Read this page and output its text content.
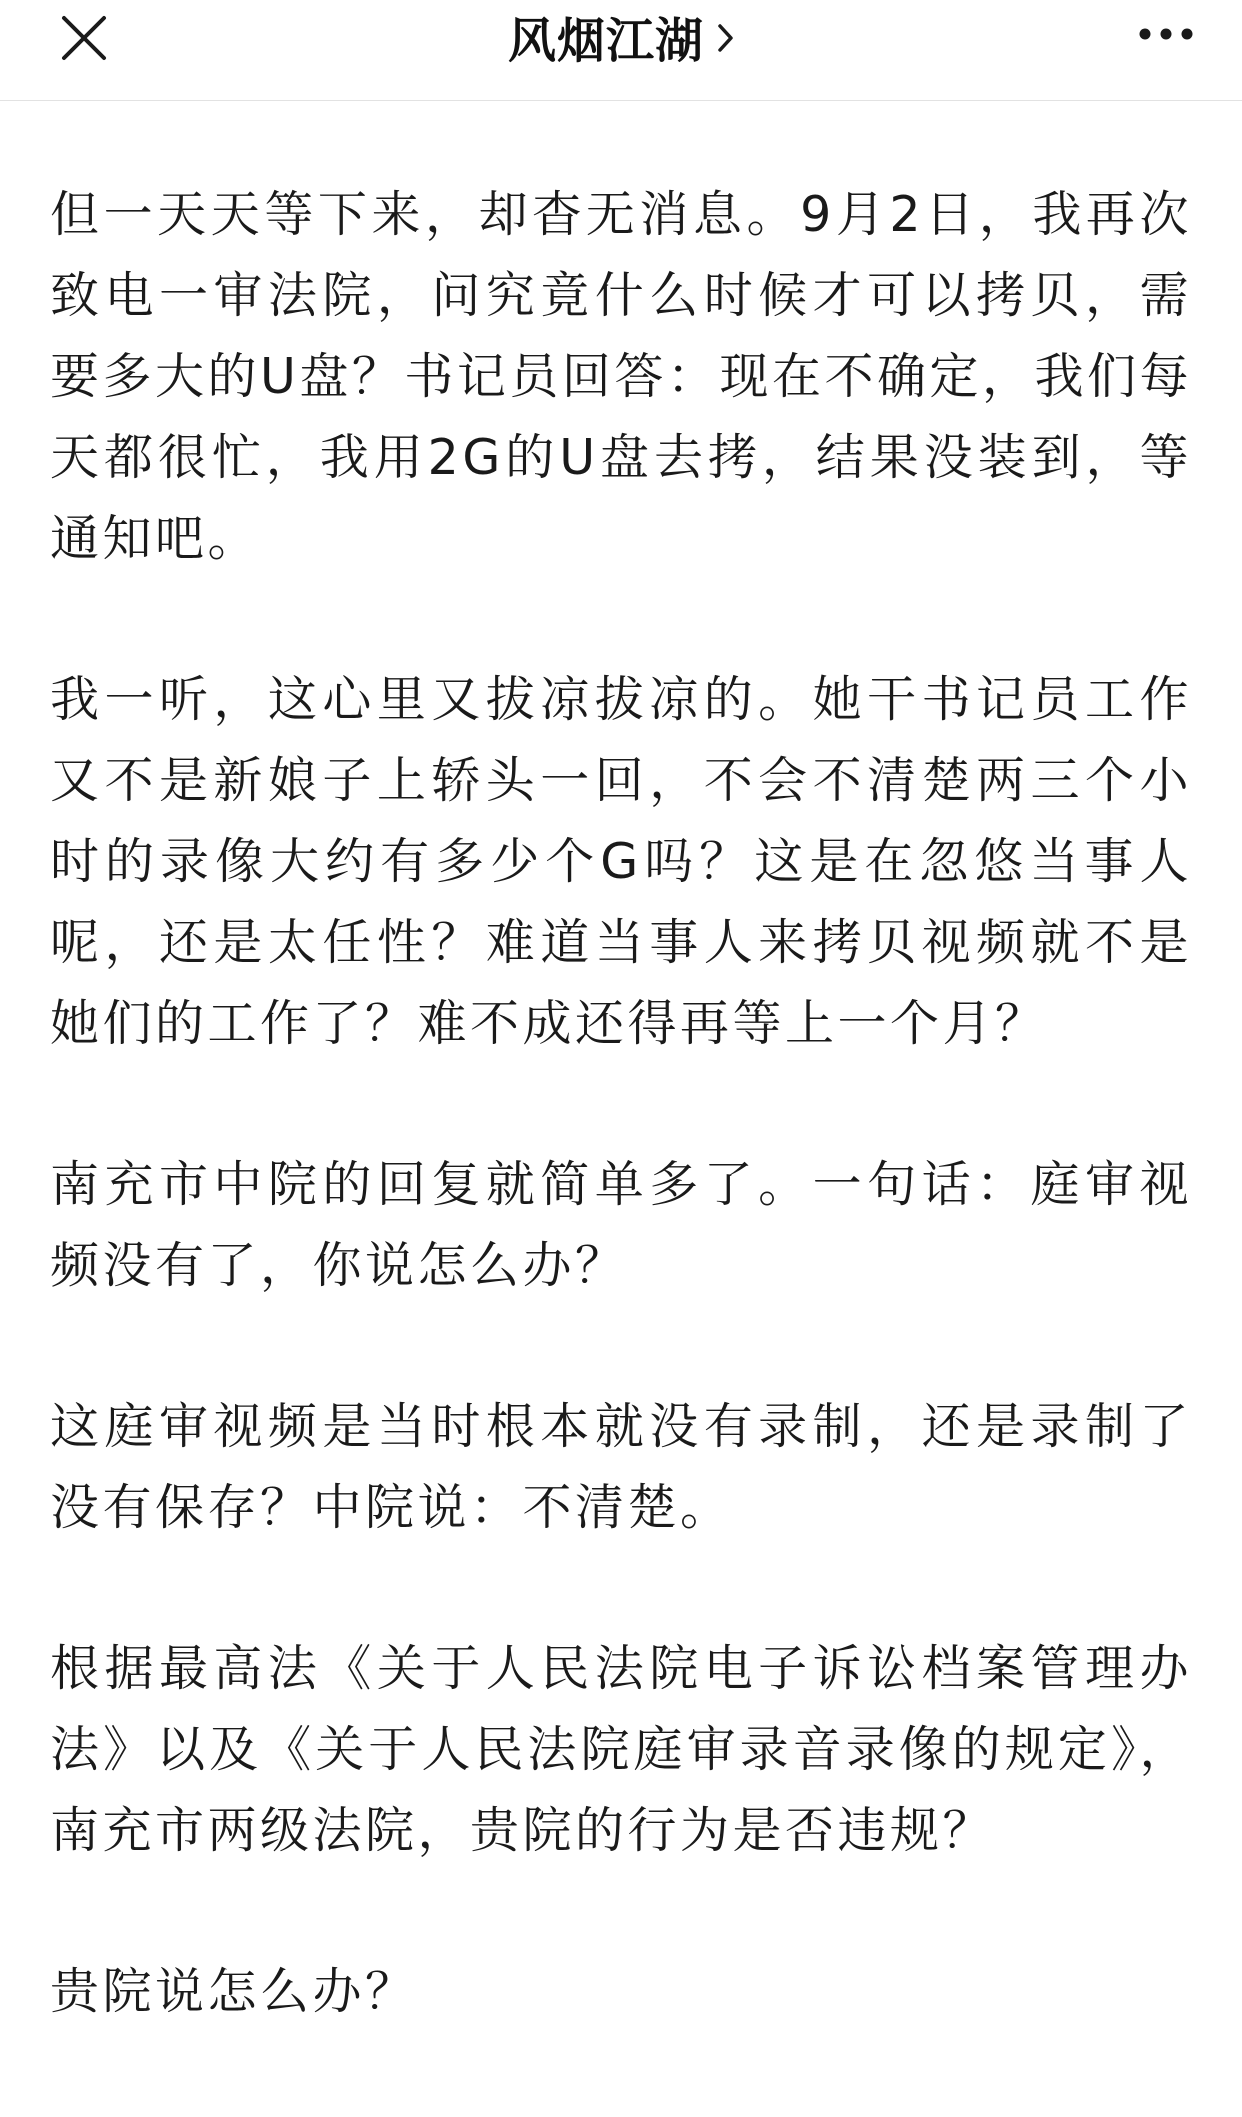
风烟江湖

但一天天等下来，却杳无消息。9月2日，我再次致电一审法院，问究竟什么时候才可以拷贝，需要多大的U盘？书记员回答：现在不确定，我们每天都很忙，我用2G的U盘去拷，结果没装到，等通知吧。

我一听，这心里又拔凉拔凉的。她干书记员工作又不是新娘子上轿头一回，不会不清楚两三个小时的录像大约有多少个G吗？这是在忽悠当事人呢，还是太任性？难道当事人来拷贝视频就不是她们的工作了？难不成还得再等上一个月？

南充市中院的回复就简单多了。一句话：庭审视频没有了，你说怎么办？

这庭审视频是当时根本就没有录制，还是录制了没有保存？中院说：不清楚。

根据最高法《关于人民法院电子诉讼档案管理办法》以及《关于人民法院庭审录音录像的规定》，南充市两级法院，贵院的行为是否违规？

贵院说怎么办？
